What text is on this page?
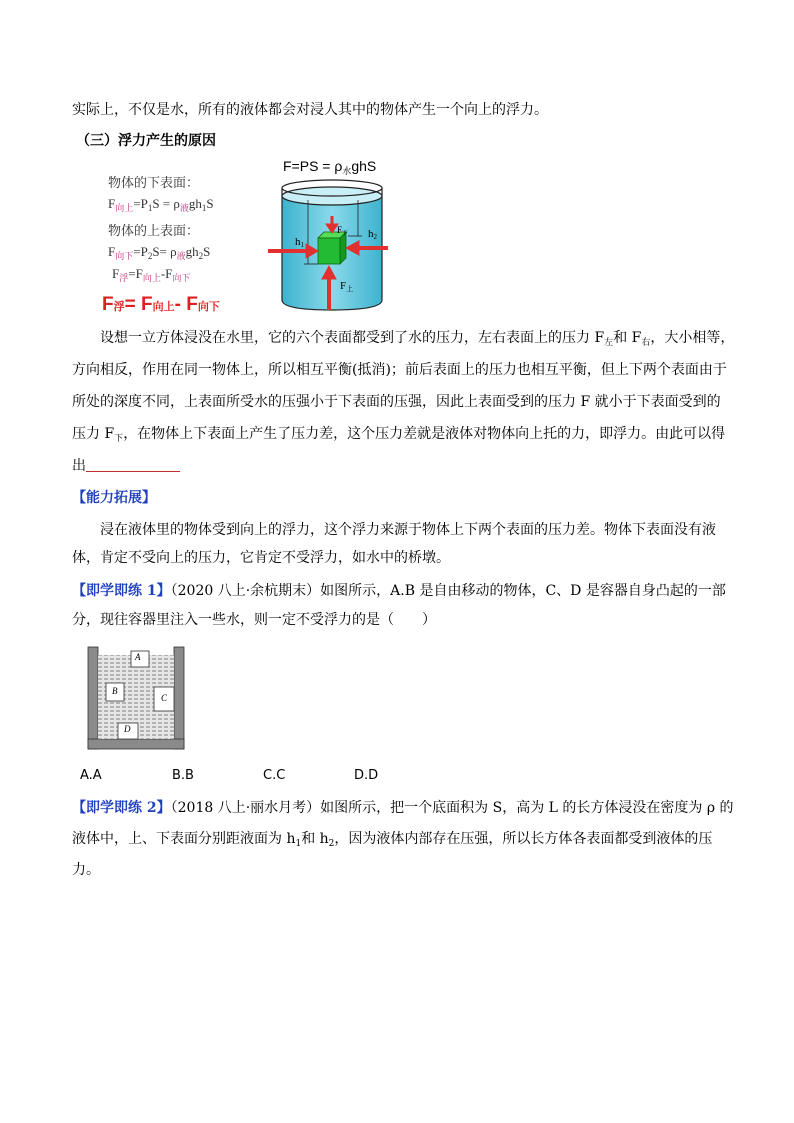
实际上，不仅是水，所有的液体都会对浸人其中的物体产生一个向上的浮力。
（三）浮力产生的原因
物体的下表面：
$F_{向上}=P_1S = \rho_液gh_1S$
物体的上表面：
$F_{向下}=P_2S= \rho_液gh_2S$
$F_浮=F_{向上}-F_{向下}$
F浮= F向上- F向下
$F=PS = \rho_水ghS$
h1
h2
$F_下$
F上
设想一立方体浸没在水里，它的六个表面都受到了水的压力，左右表面上的压力 $F_左$和 $F_右$，大小相等，
方向相反，作用在同一物体上，所以相互平衡(抵消)；前后表面上的压力也相互平衡，但上下两个表面由于
所处的深度不同，上表面所受水的压强小于下表面的压强，因此上表面受到的压力 F 就小于下表面受到的
压力 $F_下$，在物体上下表面上产生了压力差，这个压力差就是液体对物体向上托的力，即浮力。由此可以得
出
【能力拓展】
浸在液体里的物体受到向上的浮力，这个浮力来源于物体上下两个表面的压力差。物体下表面没有液
体，肯定不受向上的压力，它肯定不受浮力，如水中的桥墩。
【即学即练 1】（2020 八上·余杭期末）如图所示，A.B 是自由移动的物体，C、D 是容器自身凸起的一部
分，现往容器里注入一些水，则一定不受浮力的是（　　）
A
B
C
D
A.A	B.B	C.C	D.D
【即学即练 2】（2018 八上·丽水月考）如图所示，把一个底面积为 S，高为 L 的长方体浸没在密度为 ρ 的
液体中，上、下表面分别距液面为 $h_1$和 $h_2$，因为液体内部存在压强，所以长方体各表面都受到液体的压
力。
